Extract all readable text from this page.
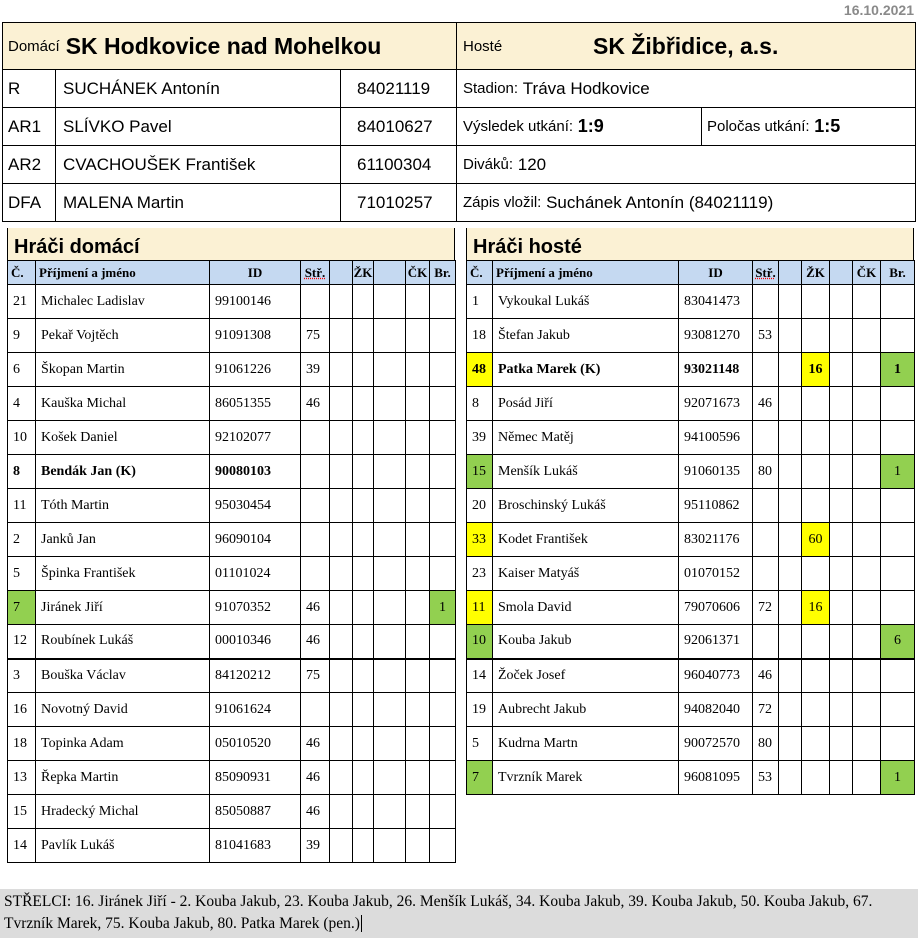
16.10.2021
Domácí SK Hodkovice nad Mohelkou	Hosté	SK Žibřidice, a.s.
R	SUCHÁNEK Antonín	84021119
AR1 SLÍVKO Pavel	84010627
AR2 CVACHOUŠEK František	61100304
DFA MALENA Martin	71010257
Stadion:
Tráva Hodkovice
Výsledek utkání:
1:9	Poločas utkání:
1:5
Diváků:
120
Zápis vložil:
Suchánek Antonín (84021119)
Hráči domácí
Č.	Příjmení a jméno	ID	Stř.		ŽK		ČK	Br.
21	Michalec Ladislav	99100146						
9	Pekař Vojtěch	91091308	75					
6	Škopan Martin	91061226	39					
4	Kauška Michal	86051355	46					
10	Košek Daniel	92102077						
8	Bendák Jan (K)	90080103						
11	Tóth Martin	95030454						
2	Janků Jan	96090104						
5	Špinka František	01101024						
7	Jiránek Jiří	91070352	46					1
12	Roubínek Lukáš	00010346	46					
3	Bouška Václav	84120212	75					
16	Novotný David	91061624						
18	Topinka Adam	05010520	46					
13	Řepka Martin	85090931	46					
15	Hradecký Michal	85050887	46					
14	Pavlík Lukáš	81041683	39					
Hráči hosté
Č.	Příjmení a jméno	ID	Stř.		ŽK		ČK	Br.
1	Vykoukal Lukáš	83041473						
18	Štefan Jakub	93081270	53					
48	Patka Marek (K)	93021148			16			1
8	Posád Jiří	92071673	46					
39	Němec Matěj	94100596						
15	Menšík Lukáš	91060135	80					1
20	Broschinský Lukáš	95110862						
33	Kodet František	83021176			60			
23	Kaiser Matyáš	01070152						
11	Smola David	79070606	72		16			
10	Kouba Jakub	92061371						6
14	Žoček Josef	96040773	46					
19	Aubrecht Jakub	94082040	72					
5	Kudrna Martn	90072570	80					
7	Tvrzník Marek	96081095	53					1
STŘELCI: 16. Jiránek Jiří - 2. Kouba Jakub, 23. Kouba Jakub, 26. Menšík Lukáš, 34. Kouba Jakub, 39. Kouba Jakub, 50. Kouba Jakub, 67. Tvrzník Marek, 75. Kouba Jakub, 80. Patka Marek (pen.)
